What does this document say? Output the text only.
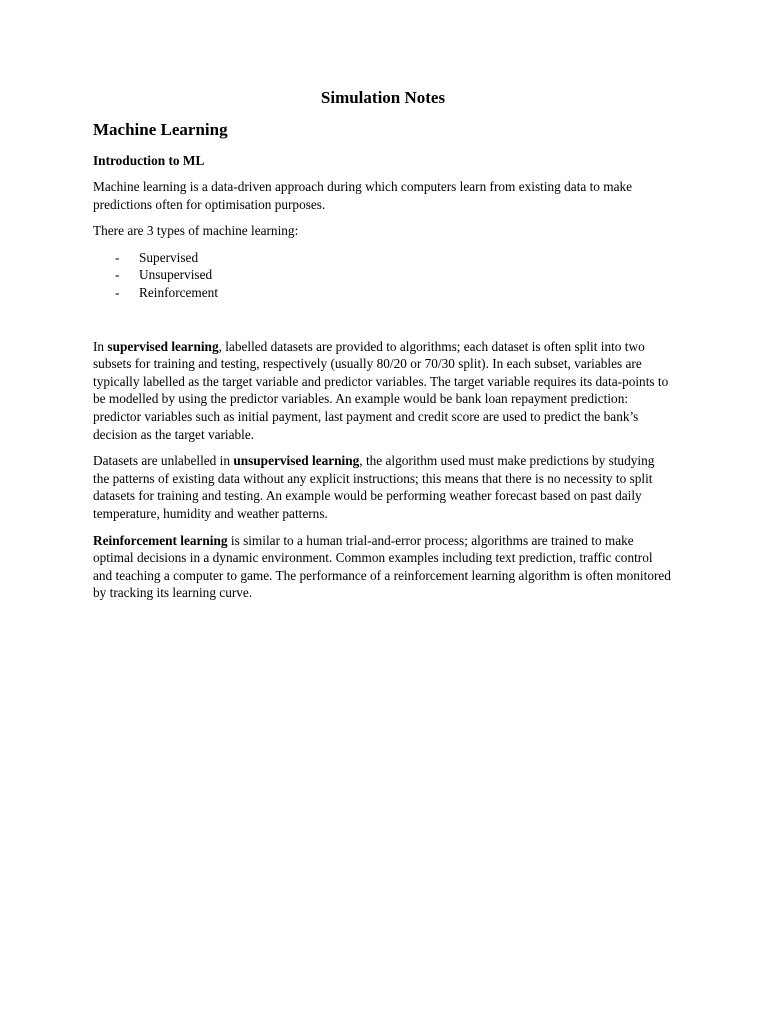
Simulation Notes
Machine Learning
Introduction to ML

Machine learning is a data-driven approach during which computers learn from existing data to make predictions often for optimisation purposes.

There are 3 types of machine learning:

- Supervised
- Unsupervised
- Reinforcement

In supervised learning, labelled datasets are provided to algorithms; each dataset is often split into two subsets for training and testing, respectively (usually 80/20 or 70/30 split). In each subset, variables are typically labelled as the target variable and predictor variables. The target variable requires its data-points to be modelled by using the predictor variables. An example would be bank loan repayment prediction: predictor variables such as initial payment, last payment and credit score are used to predict the bank’s decision as the target variable.

Datasets are unlabelled in unsupervised learning, the algorithm used must make predictions by studying the patterns of existing data without any explicit instructions; this means that there is no necessity to split datasets for training and testing. An example would be performing weather forecast based on past daily temperature, humidity and weather patterns.

Reinforcement learning is similar to a human trial-and-error process; algorithms are trained to make optimal decisions in a dynamic environment. Common examples including text prediction, traffic control and teaching a computer to game. The performance of a reinforcement learning algorithm is often monitored by tracking its learning curve.
